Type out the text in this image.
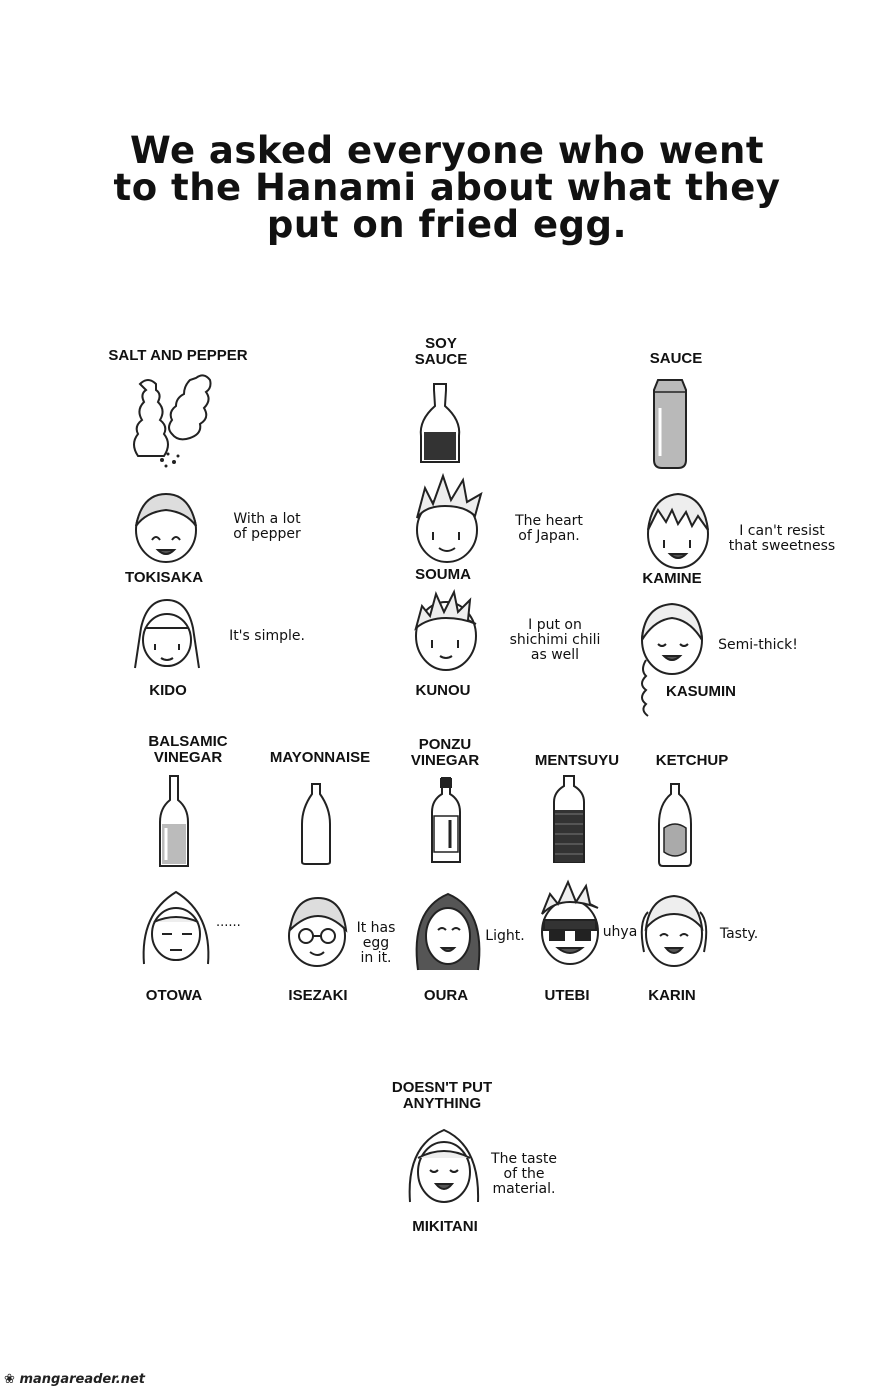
We asked everyone who went
to the Hanami about what they
put on fried egg.
SALT AND PEPPER
SOY
SAUCE	SAUCE
TOKISAKA
KIDO
SOUMA
KUNOU
KAMINE
KASUMIN
With a lot
of pepper
It's simple.
The heart
of Japan.
I put on
shichimi chili
as well
I can't resist
that sweetness
Semi-thick!
BALSAMIC
VINEGAR	MAYONNAISE
PONZU
VINEGAR	MENTSUYU	KETCHUP
OTOWA	ISEZAKI	OURA	UTEBI	KARIN
......	It has
egg
in it.
Light.	uhya	Tasty.
DOESN'T PUT
ANYTHING
MIKITANI
The taste
of the
material.
❀ mangareader.net
